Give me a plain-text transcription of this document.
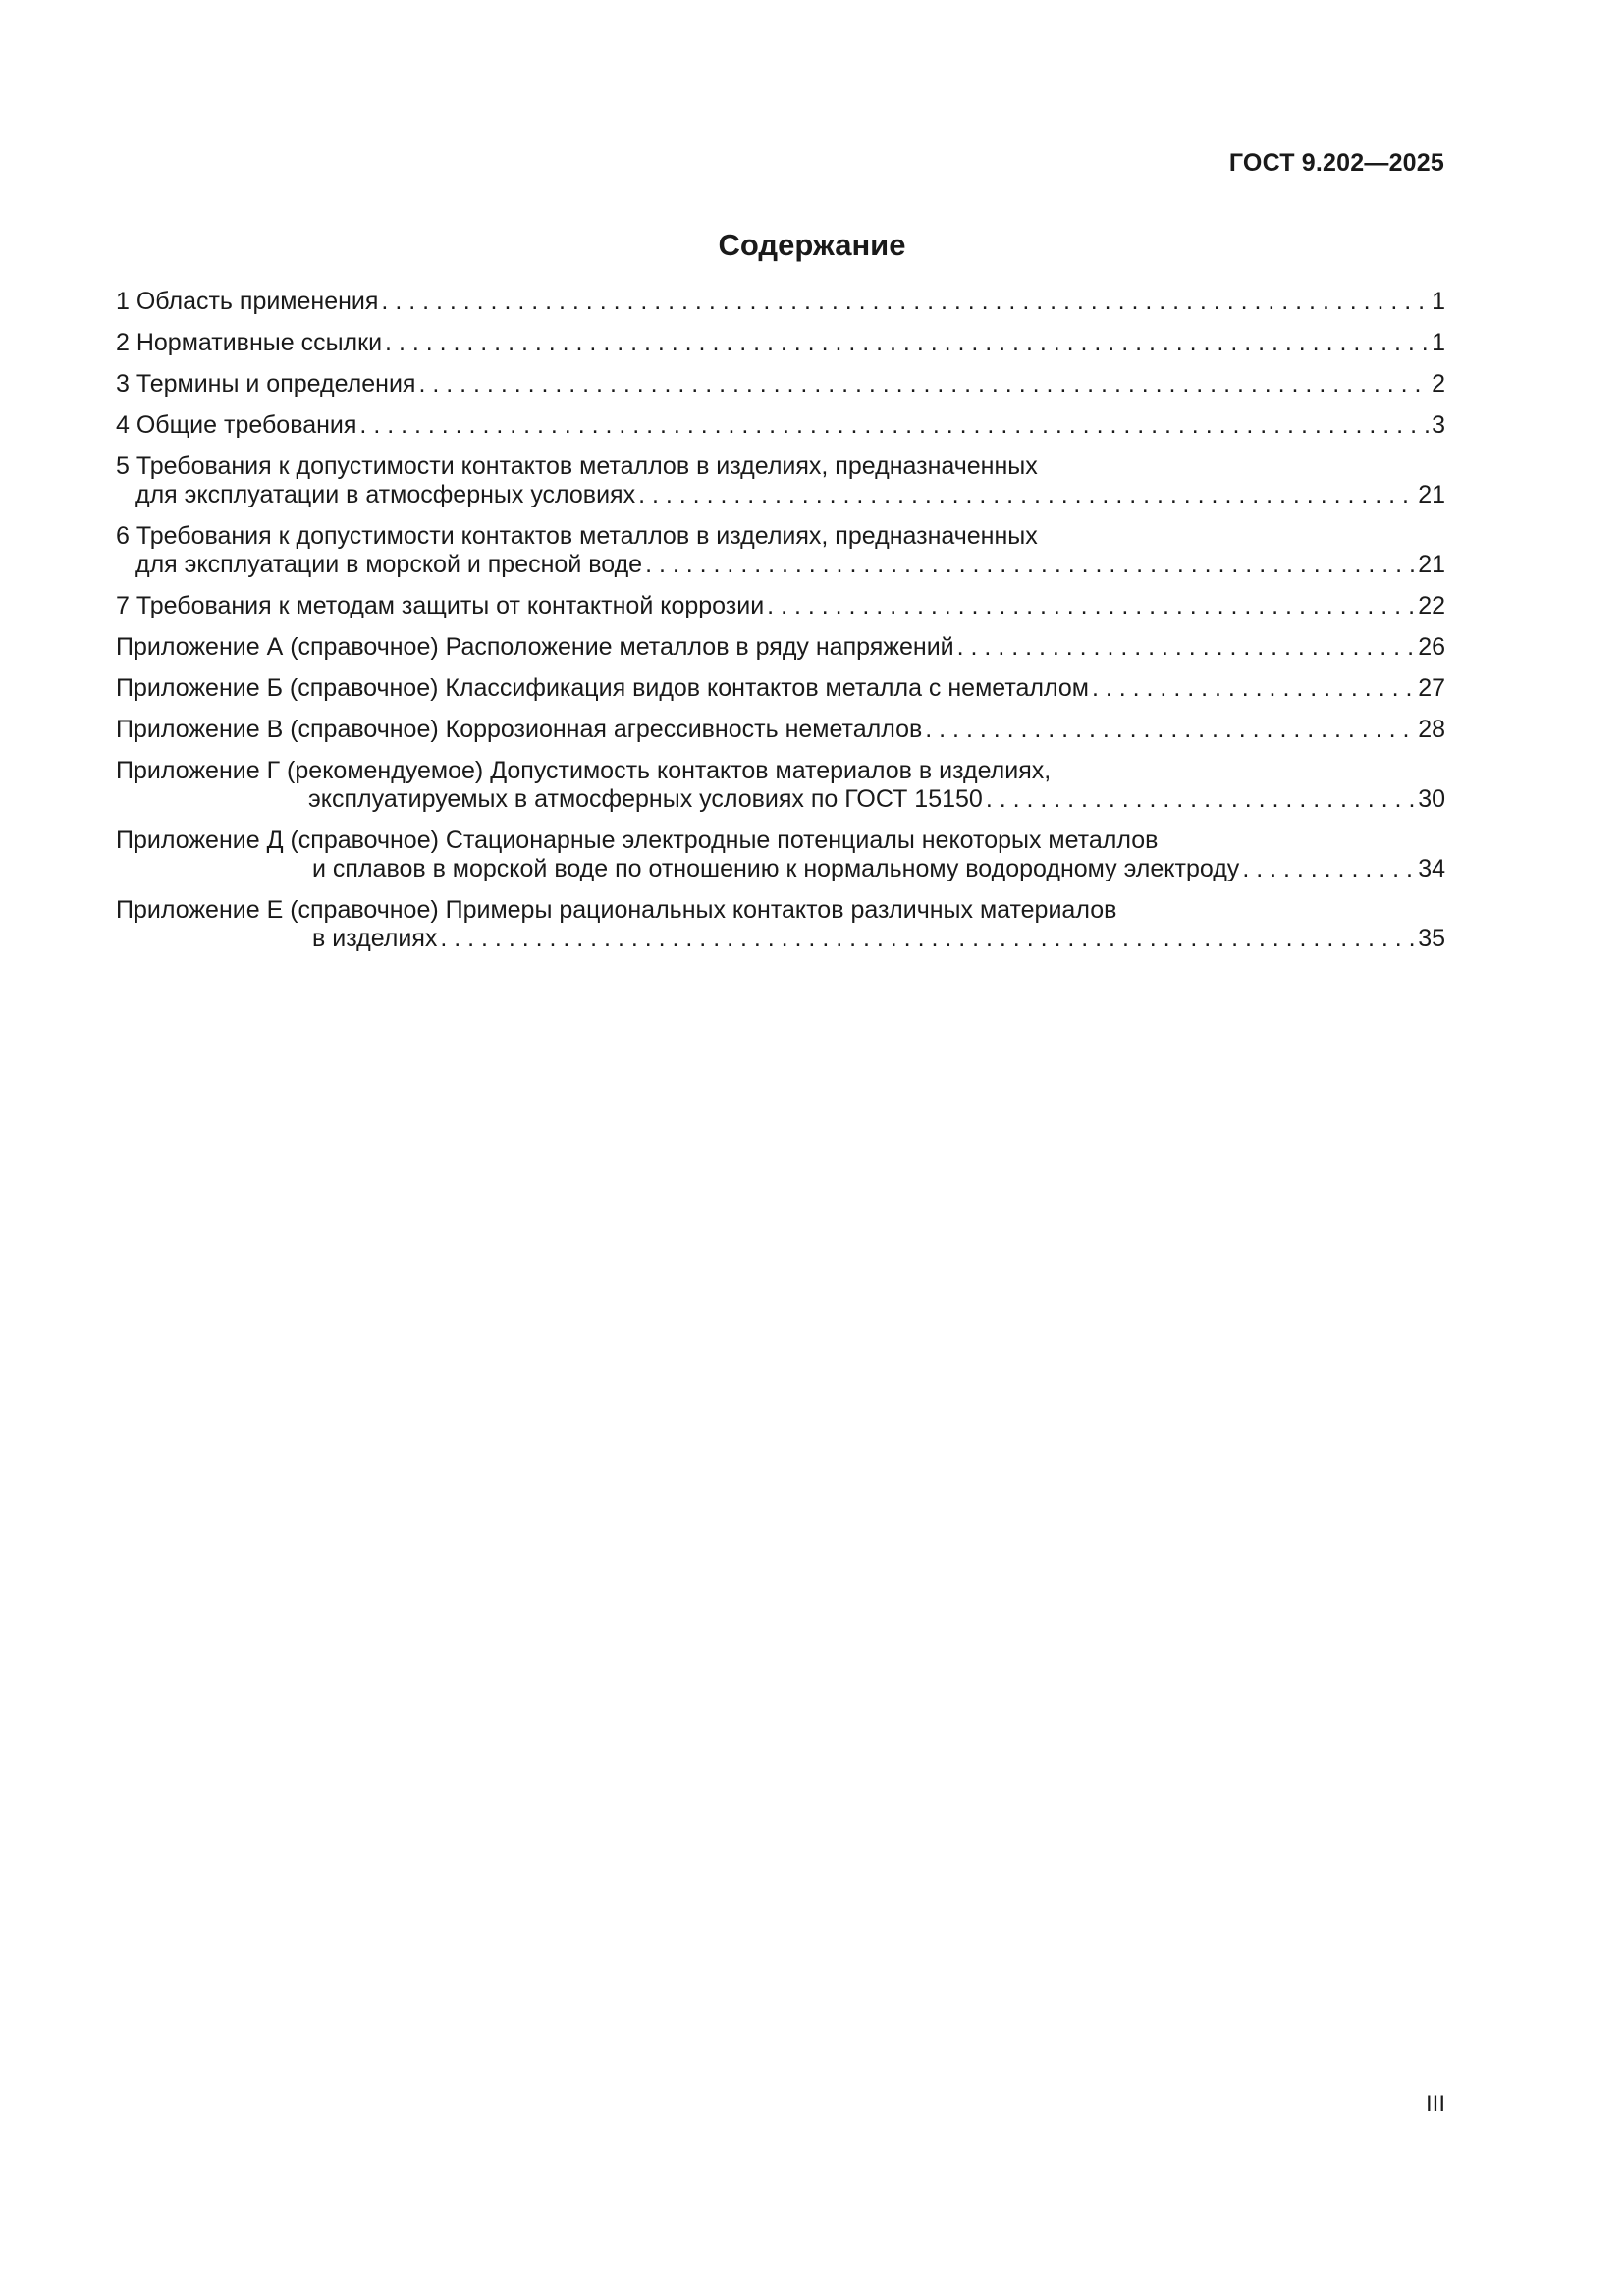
ГОСТ 9.202—2025
Содержание
1 Область применения . . .	1
2 Нормативные ссылки . . .	1
3 Термины и определения . . .	2
4 Общие требования . . .	3
5 Требования к допустимости контактов металлов в изделиях, предназначенных
для эксплуатации в атмосферных условиях . . .	21
6 Требования к допустимости контактов металлов в изделиях, предназначенных
для эксплуатации в морской и пресной воде . . .	21
7 Требования к методам защиты от контактной коррозии . . .	22
Приложение А (справочное) Расположение металлов в ряду напряжений . . .	26
Приложение Б (справочное) Классификация видов контактов металла с неметаллом . . .	27
Приложение В (справочное) Коррозионная агрессивность неметаллов . . .	28
Приложение Г (рекомендуемое) Допустимость контактов материалов в изделиях,
эксплуатируемых в атмосферных условиях по ГОСТ 15150 . . .	30
Приложение Д (справочное) Стационарные электродные потенциалы некоторых металлов
и сплавов в морской воде по отношению к нормальному водородному электроду . . .	34
Приложение Е (справочное) Примеры рациональных контактов различных материалов
в изделиях . . .	35
III
